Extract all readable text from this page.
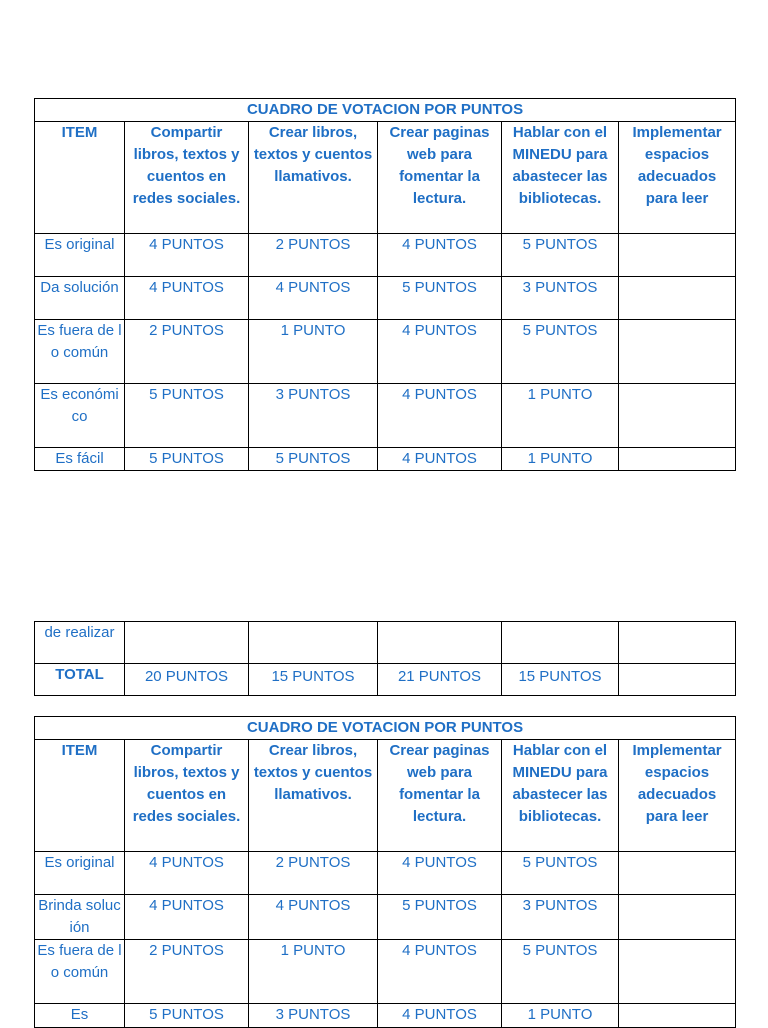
CUADRO DE VOTACION POR PUNTOS					
ITEM	Compartir libros, textos y cuentos en redes sociales.	Crear libros, textos y cuentos llamativos.	Crear paginas web para fomentar la lectura.	Hablar con el MINEDU para abastecer las bibliotecas.	Implementar espacios adecuados para leer
Es original	4 PUNTOS	2 PUNTOS	4 PUNTOS	5 PUNTOS	
Da solución	4 PUNTOS	4 PUNTOS	5 PUNTOS	3 PUNTOS	
Es fuera de lo común	2 PUNTOS	1 PUNTO	4 PUNTOS	5 PUNTOS	
Es económico	5 PUNTOS	3 PUNTOS	4 PUNTOS	1 PUNTO	
Es fácil	5 PUNTOS	5 PUNTOS	4 PUNTOS	1 PUNTO	
de realizar					
TOTAL	20 PUNTOS	15 PUNTOS	21 PUNTOS	15 PUNTOS	
CUADRO DE VOTACION POR PUNTOS					
ITEM	Compartir libros, textos y cuentos en redes sociales.	Crear libros, textos y cuentos llamativos.	Crear paginas web para fomentar la lectura.	Hablar con el MINEDU para abastecer las bibliotecas.	Implementar espacios adecuados para leer
Es original	4 PUNTOS	2 PUNTOS	4 PUNTOS	5 PUNTOS	
Brinda solución	4 PUNTOS	4 PUNTOS	5 PUNTOS	3 PUNTOS	
Es fuera de lo común	2 PUNTOS	1 PUNTO	4 PUNTOS	5 PUNTOS	
Es	5 PUNTOS	3 PUNTOS	4 PUNTOS	1 PUNTO	
